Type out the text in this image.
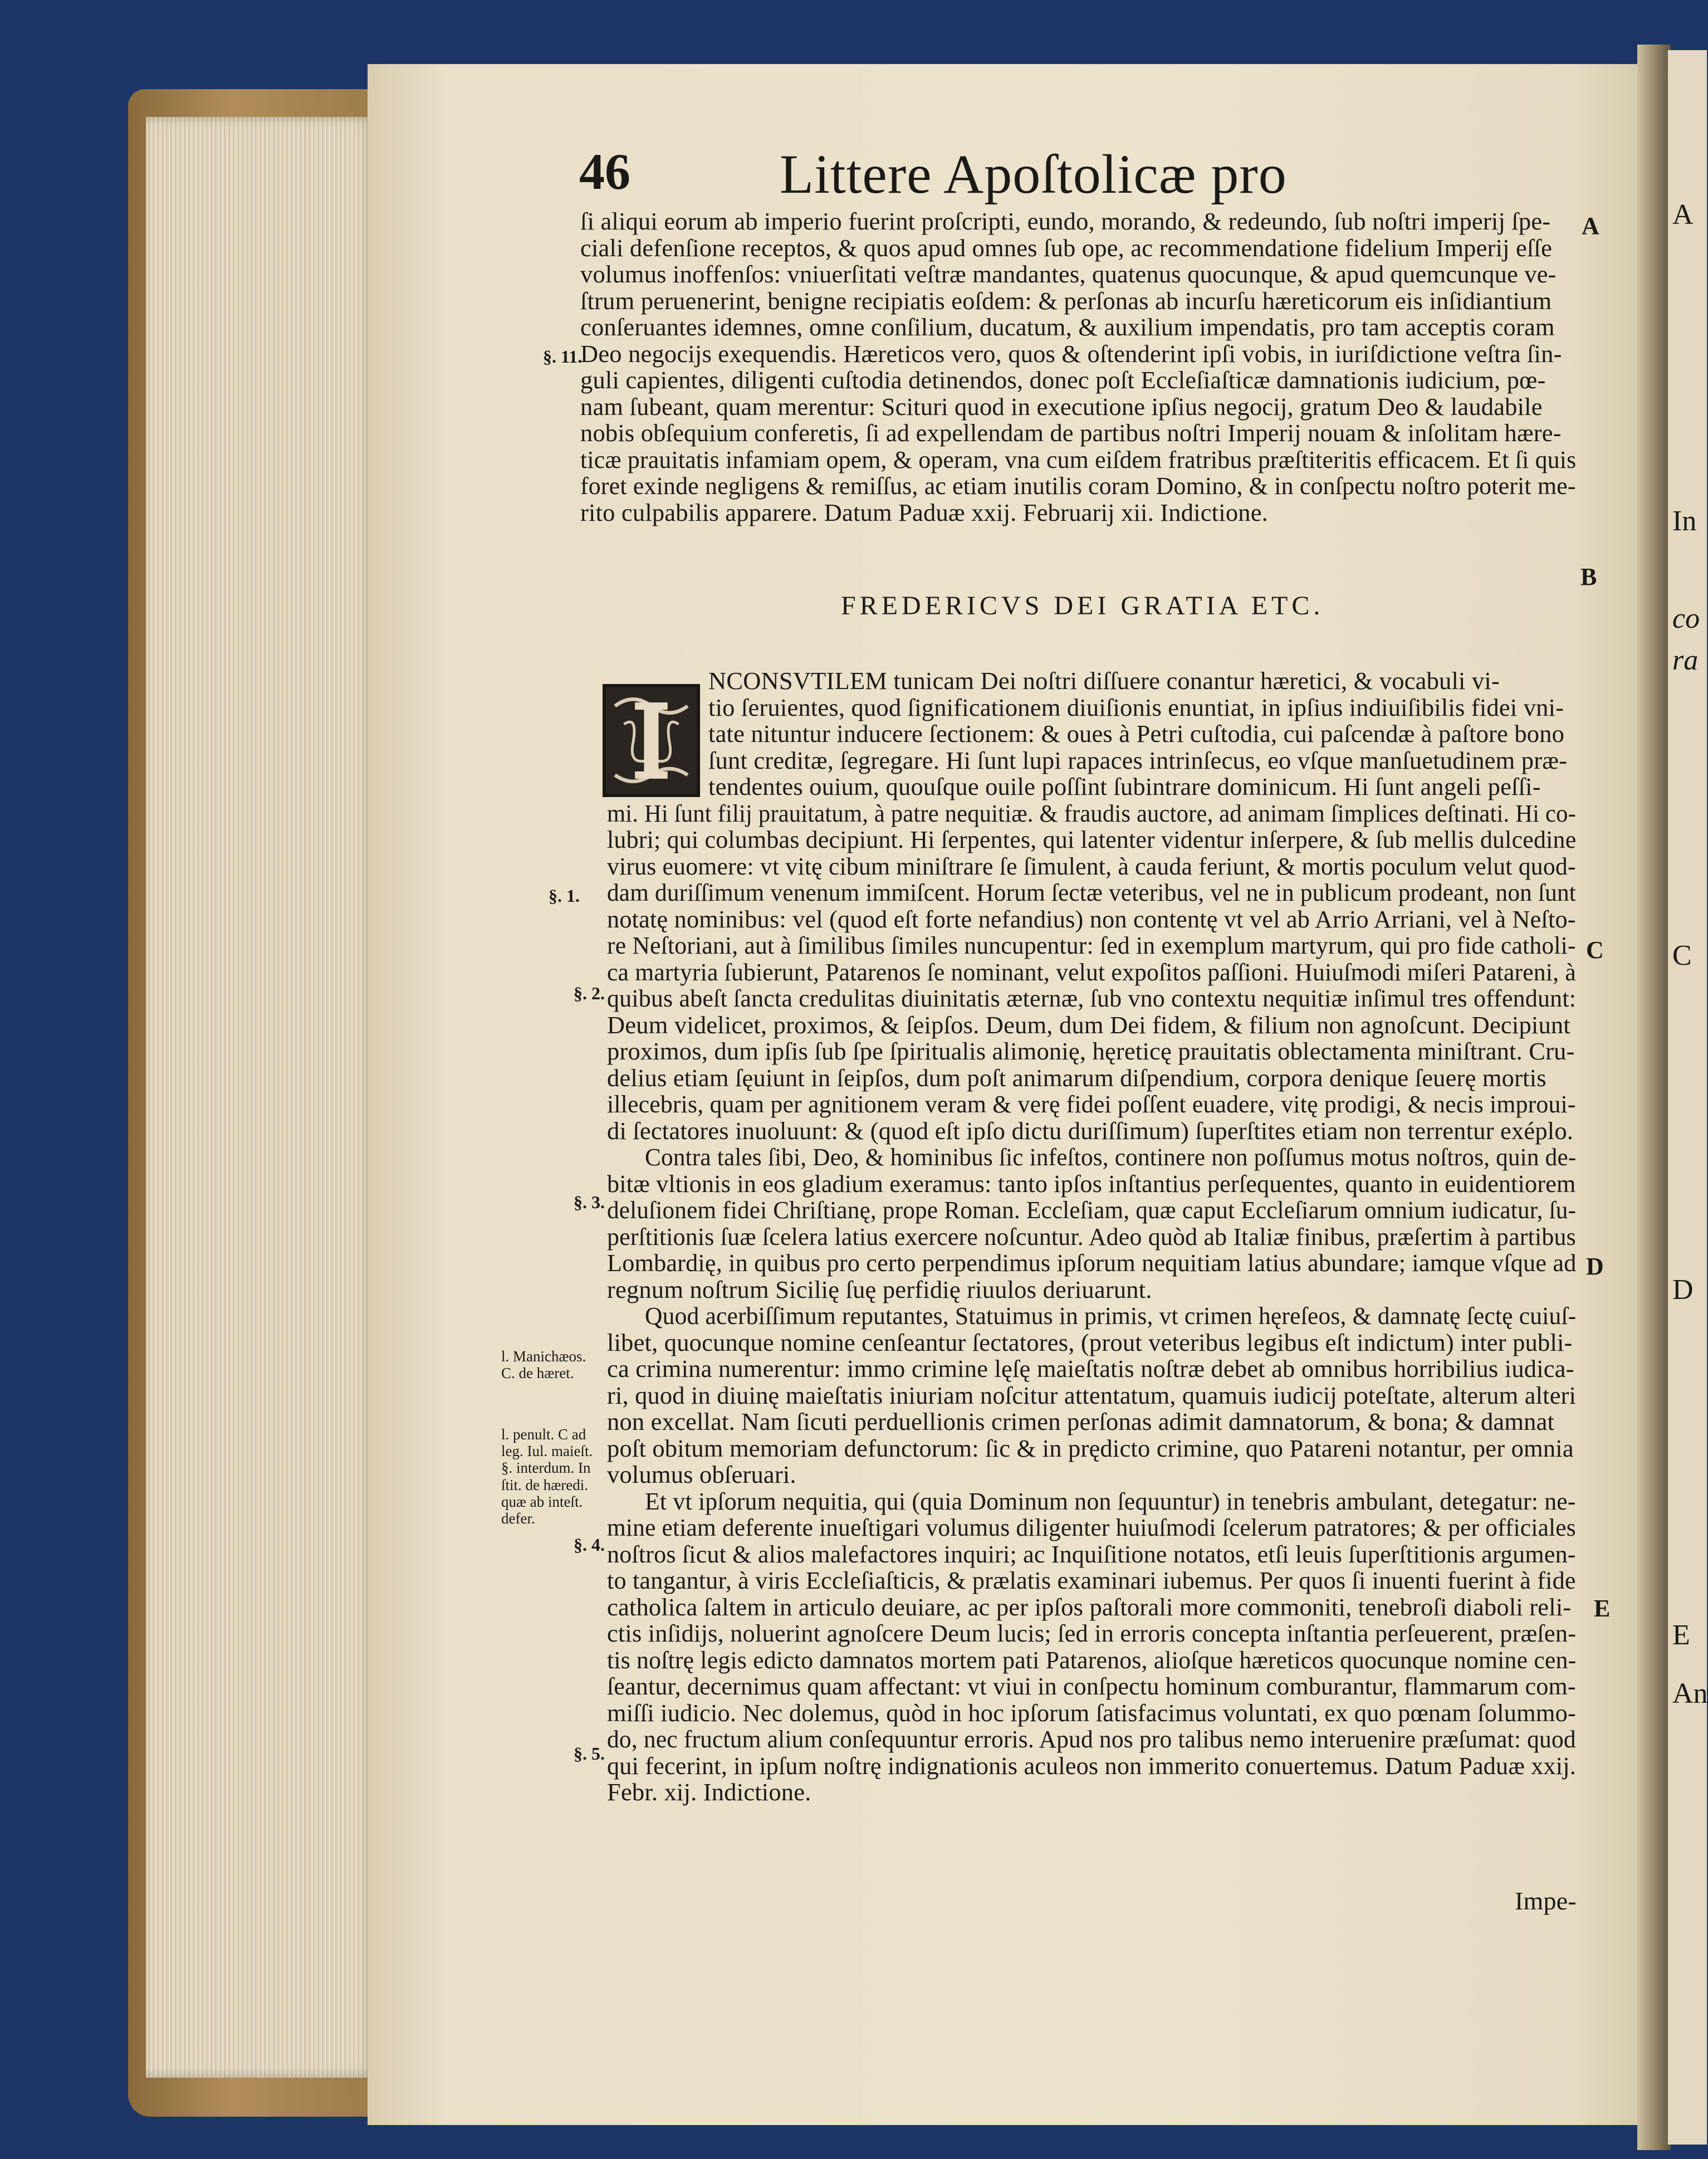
A
In
co
ra
C
D
E
An
46	Littere Apoſtolicæ pro
ſi aliqui eorum ab imperio fuerint proſcripti, eundo, morando, & redeundo, ſub noſtri imperij ſpe-
ciali defenſione receptos, & quos apud omnes ſub ope, ac recommendatione fidelium Imperij eſſe
volumus inoffenſos: vniuerſitati veſtræ mandantes, quatenus quocunque, & apud quemcunque ve-
ſtrum peruenerint, benigne recipiatis eoſdem: & perſonas ab incurſu hæreticorum eis inſidiantium
conſeruantes idemnes, omne conſilium, ducatum, & auxilium impendatis, pro tam acceptis coram
Deo negocijs exequendis. Hæreticos vero, quos & oſtenderint ipſi vobis, in iuriſdictione veſtra ſin-
guli capientes, diligenti cuſtodia detinendos, donec poſt Eccleſiaſticæ damnationis iudicium, pœ-
nam ſubeant, quam merentur: Scituri quod in executione ipſius negocij, gratum Deo & laudabile
nobis obſequium conferetis, ſi ad expellendam de partibus noſtri Imperij nouam & inſolitam hære-
ticæ prauitatis infamiam opem, & operam, vna cum eiſdem fratribus præſtiteritis efficacem. Et ſi quis
foret exinde negligens & remiſſus, ac etiam inutilis coram Domino, & in conſpectu noſtro poterit me-
rito culpabilis apparere. Datum Paduæ xxij. Februarij xii. Indictione.
FREDERICVS DEI GRATIA ETC.
NCONSVTILEM tunicam Dei noſtri diſſuere conantur hæretici, & vocabuli vi-
tio ſeruientes, quod ſignificationem diuiſionis enuntiat, in ipſius indiuiſibilis fidei vni-
tate nituntur inducere ſectionem: & oues à Petri cuſtodia, cui paſcendæ à paſtore bono
ſunt creditæ, ſegregare. Hi ſunt lupi rapaces intrinſecus, eo vſque manſuetudinem præ-
tendentes ouium, quouſque ouile poſſint ſubintrare dominicum. Hi ſunt angeli peſſi-
mi. Hi ſunt filij prauitatum, à patre nequitiæ. & fraudis auctore, ad animam ſimplices deſtinati. Hi co-
lubri; qui columbas decipiunt. Hi ſerpentes, qui latenter videntur inſerpere, & ſub mellis dulcedine
virus euomere: vt vitę cibum miniſtrare ſe ſimulent, à cauda feriunt, & mortis poculum velut quod-
dam duriſſimum venenum immiſcent. Horum ſectæ veteribus, vel ne in publicum prodeant, non ſunt
notatę nominibus: vel (quod eſt forte nefandius) non contentę vt vel ab Arrio Arriani, vel à Neſto-
re Neſtoriani, aut à ſimilibus ſimiles nuncupentur: ſed in exemplum martyrum, qui pro fide catholi-
ca martyria ſubierunt, Patarenos ſe nominant, velut expoſitos paſſioni. Huiuſmodi miſeri Patareni, à
quibus abeſt ſancta credulitas diuinitatis æternæ, ſub vno contextu nequitiæ inſimul tres offendunt:
Deum videlicet, proximos, & ſeipſos. Deum, dum Dei fidem, & filium non agnoſcunt. Decipiunt
proximos, dum ipſis ſub ſpe ſpiritualis alimonię, hęreticę prauitatis oblectamenta miniſtrant. Cru-
delius etiam ſęuiunt in ſeipſos, dum poſt animarum diſpendium, corpora denique ſeuerę mortis
illecebris, quam per agnitionem veram & verę fidei poſſent euadere, vitę prodigi, & necis improui-
di ſectatores inuoluunt: & (quod eſt ipſo dictu duriſſimum) ſuperſtites etiam non terrentur exéplo.
Contra tales ſibi, Deo, & hominibus ſic infeſtos, continere non poſſumus motus noſtros, quin de-
bitæ vltionis in eos gladium exeramus: tanto ipſos inſtantius perſequentes, quanto in euidentiorem
deluſionem fidei Chriſtianę, prope Roman. Eccleſiam, quæ caput Eccleſiarum omnium iudicatur, ſu-
perſtitionis ſuæ ſcelera latius exercere noſcuntur. Adeo quòd ab Italiæ finibus, præſertim à partibus
Lombardię, in quibus pro certo perpendimus ipſorum nequitiam latius abundare; iamque vſque ad
regnum noſtrum Sicilię ſuę perfidię riuulos deriuarunt.
Quod acerbiſſimum reputantes, Statuimus in primis, vt crimen hęreſeos, & damnatę ſectę cuiuſ-
libet, quocunque nomine cenſeantur ſectatores, (prout veteribus legibus eſt indictum) inter publi-
ca crimina numerentur: immo crimine lęſę maieſtatis noſtræ debet ab omnibus horribilius iudica-
ri, quod in diuinę maieſtatis iniuriam noſcitur attentatum, quamuis iudicij poteſtate, alterum alteri
non excellat. Nam ſicuti perduellionis crimen perſonas adimit damnatorum, & bona; & damnat
poſt obitum memoriam defunctorum: ſic & in prędicto crimine, quo Patareni notantur, per omnia
volumus obſeruari.
Et vt ipſorum nequitia, qui (quia Dominum non ſequuntur) in tenebris ambulant, detegatur: ne-
mine etiam deferente inueſtigari volumus diligenter huiuſmodi ſcelerum patratores; & per officiales
noſtros ſicut & alios malefactores inquiri; ac Inquiſitione notatos, etſi leuis ſuperſtitionis argumen-
to tangantur, à viris Eccleſiaſticis, & prælatis examinari iubemus. Per quos ſi inuenti fuerint à fide
catholica ſaltem in articulo deuiare, ac per ipſos paſtorali more commoniti, tenebroſi diaboli reli-
ctis inſidijs, noluerint agnoſcere Deum lucis; ſed in erroris concepta inſtantia perſeuerent, præſen-
tis noſtrę legis edicto damnatos mortem pati Patarenos, alioſque hæreticos quocunque nomine cen-
ſeantur, decernimus quam affectant: vt viui in conſpectu hominum comburantur, flammarum com-
miſſi iudicio. Nec dolemus, quòd in hoc ipſorum ſatisfacimus voluntati, ex quo pœnam ſolummo-
do, nec fructum alium conſequuntur erroris. Apud nos pro talibus nemo interuenire præſumat: quod
qui fecerint, in ipſum noſtrę indignationis aculeos non immerito conuertemus. Datum Paduæ xxij.
Febr. xij. Indictione.
Impe-
§. 11.
§. 1.
§. 2.
§. 3.
§. 4.
§. 5.
A
B
C
D
E
l. Manichæos.
C. de hæret.
l. penult. C ad
leg. Iul. maieſt.
§. interdum. In
ſtit. de hæredi.
quæ ab inteſt.
defer.
